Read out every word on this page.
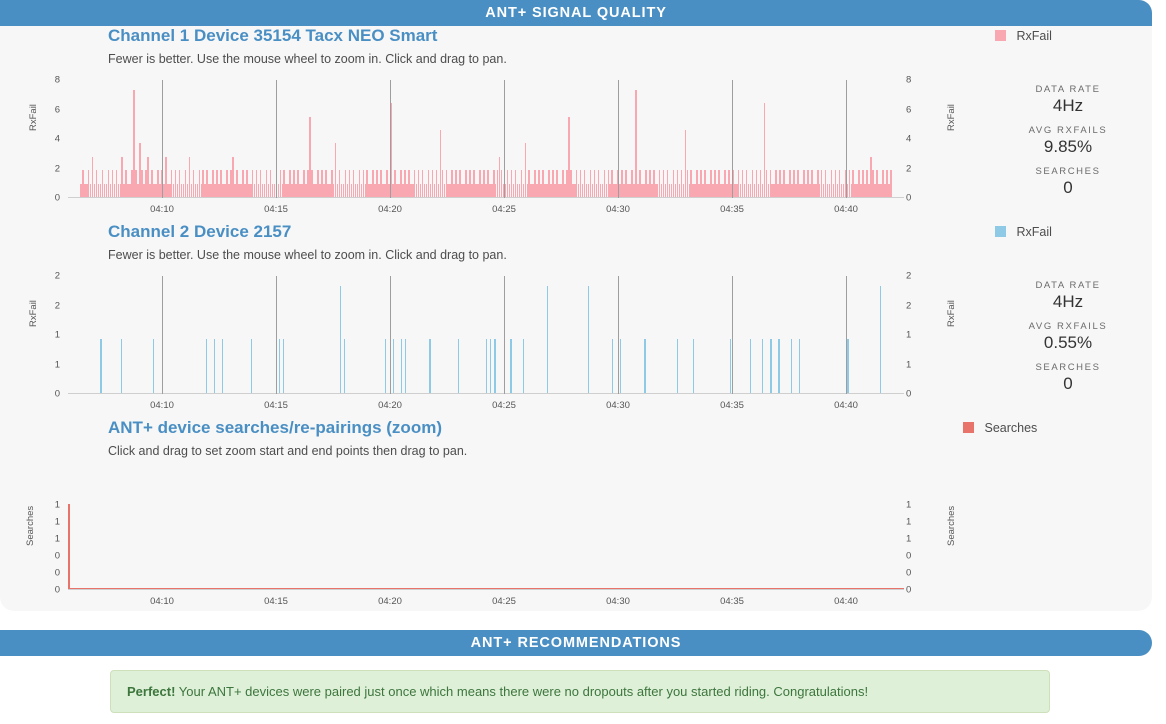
ANT+ SIGNAL QUALITY
Channel 1 Device 35154 Tacx NEO Smart
Fewer is better. Use the mouse wheel to zoom in. Click and drag to pan.
RxFail	RxFail
8
6
4
2
0
8
6
4
2
0
04:10	04:15	04:20	04:25	04:30	04:35	04:40
Channel 2 Device 2157
Fewer is better. Use the mouse wheel to zoom in. Click and drag to pan.
RxFail	RxFail
2
2
1
1
0
2
2
1
1
0
04:10	04:15	04:20	04:25	04:30	04:35	04:40
ANT+ device searches/re-pairings (zoom)
Click and drag to set zoom start and end points then drag to pan.
Searches	Searches
1
1
1
0
0
0
1
1
1
0
0
0
04:10	04:15	04:20	04:25	04:30	04:35	04:40
RxFail
DATA RATE
4Hz
AVG RXFAILS
9.85%
SEARCHES
0
RxFail
DATA RATE
4Hz
AVG RXFAILS
0.55%
SEARCHES
0
Searches
ANT+ RECOMMENDATIONS
Perfect! Your ANT+ devices were paired just once which means there were no dropouts after you started riding. Congratulations!
